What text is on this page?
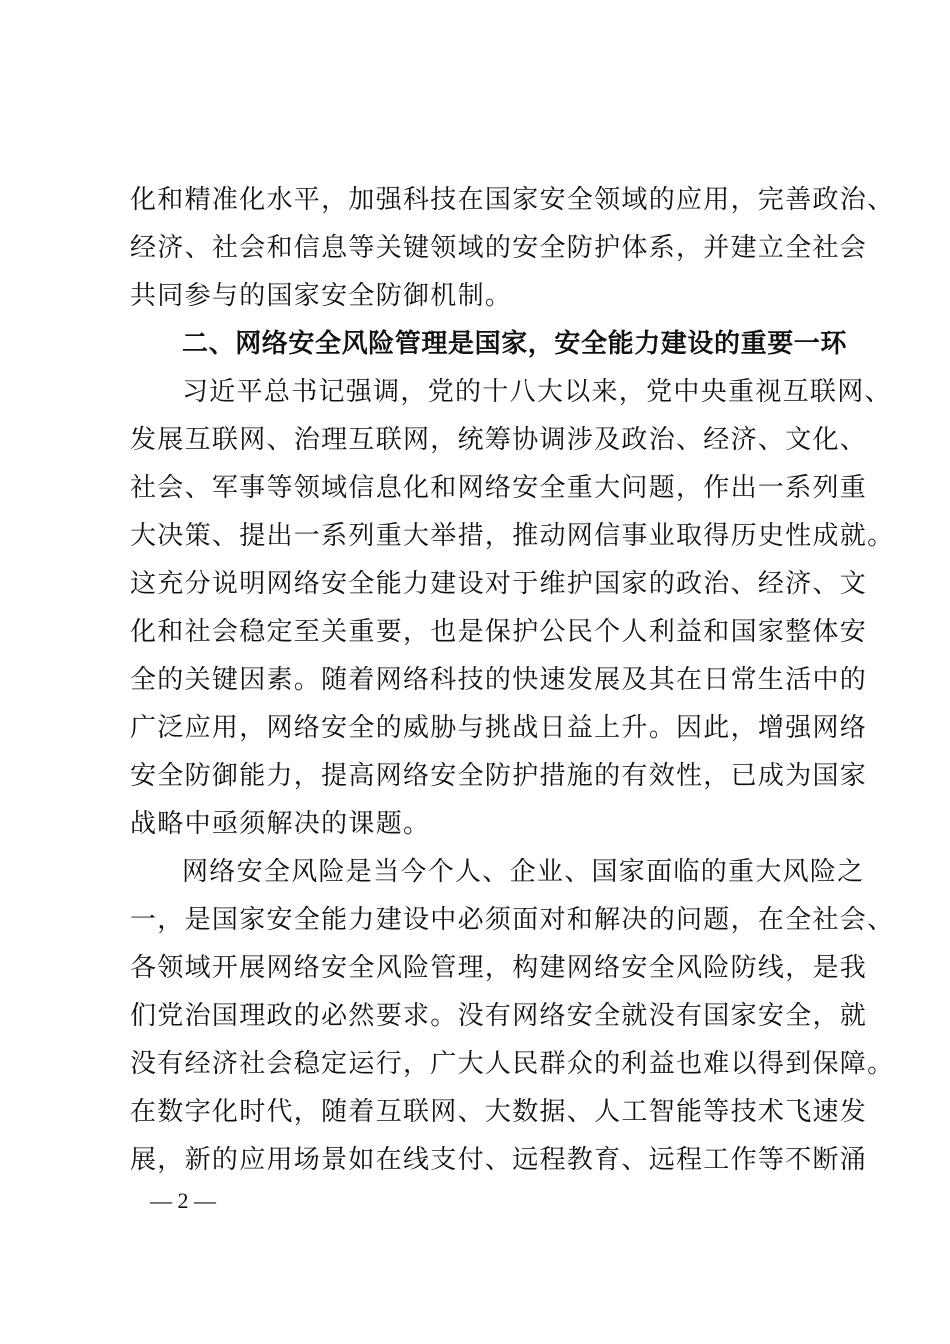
化和精准化水平，加强科技在国家安全领域的应用，完善政治、
经济、社会和信息等关键领域的安全防护体系，并建立全社会
共同参与的国家安全防御机制。
二、网络安全风险管理是国家，安全能力建设的重要一环
习近平总书记强调，党的十八大以来，党中央重视互联网、
发展互联网、治理互联网，统筹协调涉及政治、经济、文化、
社会、军事等领域信息化和网络安全重大问题，作出一系列重
大决策、提出一系列重大举措，推动网信事业取得历史性成就。
这充分说明网络安全能力建设对于维护国家的政治、经济、文
化和社会稳定至关重要，也是保护公民个人利益和国家整体安
全的关键因素。随着网络科技的快速发展及其在日常生活中的
广泛应用，网络安全的威胁与挑战日益上升。因此，增强网络
安全防御能力，提高网络安全防护措施的有效性，已成为国家
战略中亟须解决的课题。
网络安全风险是当今个人、企业、国家面临的重大风险之
一，是国家安全能力建设中必须面对和解决的问题，在全社会、
各领域开展网络安全风险管理，构建网络安全风险防线，是我
们党治国理政的必然要求。没有网络安全就没有国家安全，就
没有经济社会稳定运行，广大人民群众的利益也难以得到保障。
在数字化时代，随着互联网、大数据、人工智能等技术飞速发
展，新的应用场景如在线支付、远程教育、远程工作等不断涌
— 2 —
